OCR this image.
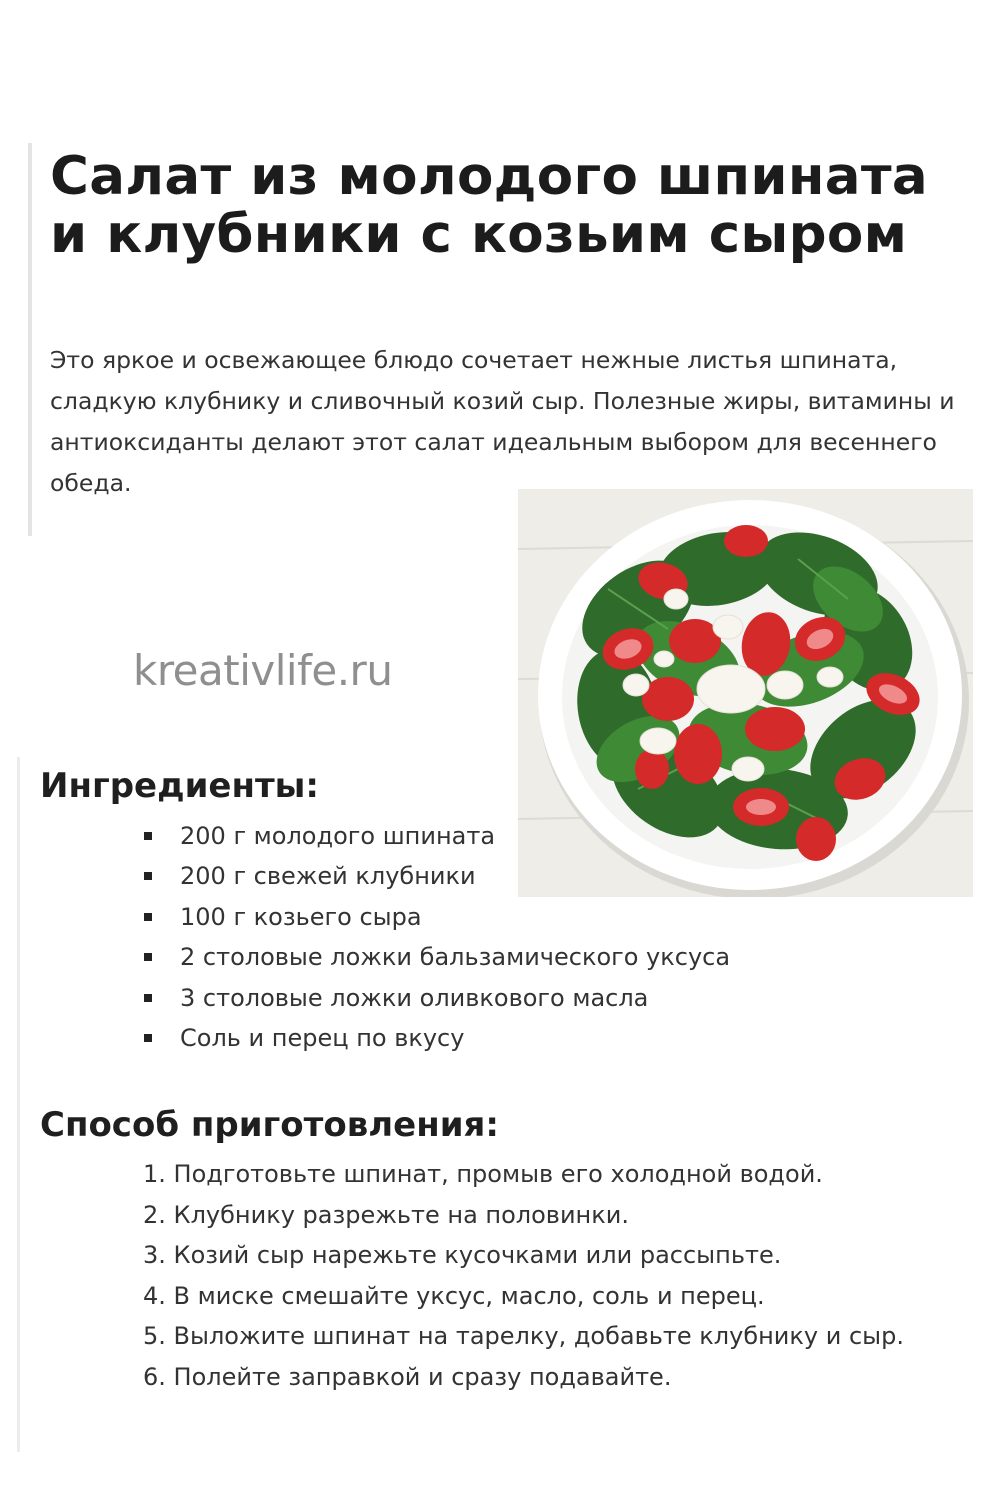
Салат из молодого шпината и клубники с козьим сыром

Это яркое и освежающее блюдо сочетает нежные листья шпината, сладкую клубнику и сливочный козий сыр. Полезные жиры, витамины и антиоксиданты делают этот салат идеальным выбором для весеннего обеда.

kreativlife.ru
Ингредиенты:
200 г молодого шпината
200 г свежей клубники
100 г козьего сыра
2 столовые ложки бальзамического уксуса
3 столовые ложки оливкового масла
Соль и перец по вкусу
Способ приготовления:
1. Подготовьте шпинат, промыв его холодной водой.
2. Клубнику разрежьте на половинки.
3. Козий сыр нарежьте кусочками или рассыпьте.
4. В миске смешайте уксус, масло, соль и перец.
5. Выложите шпинат на тарелку, добавьте клубнику и сыр.
6. Полейте заправкой и сразу подавайте.
